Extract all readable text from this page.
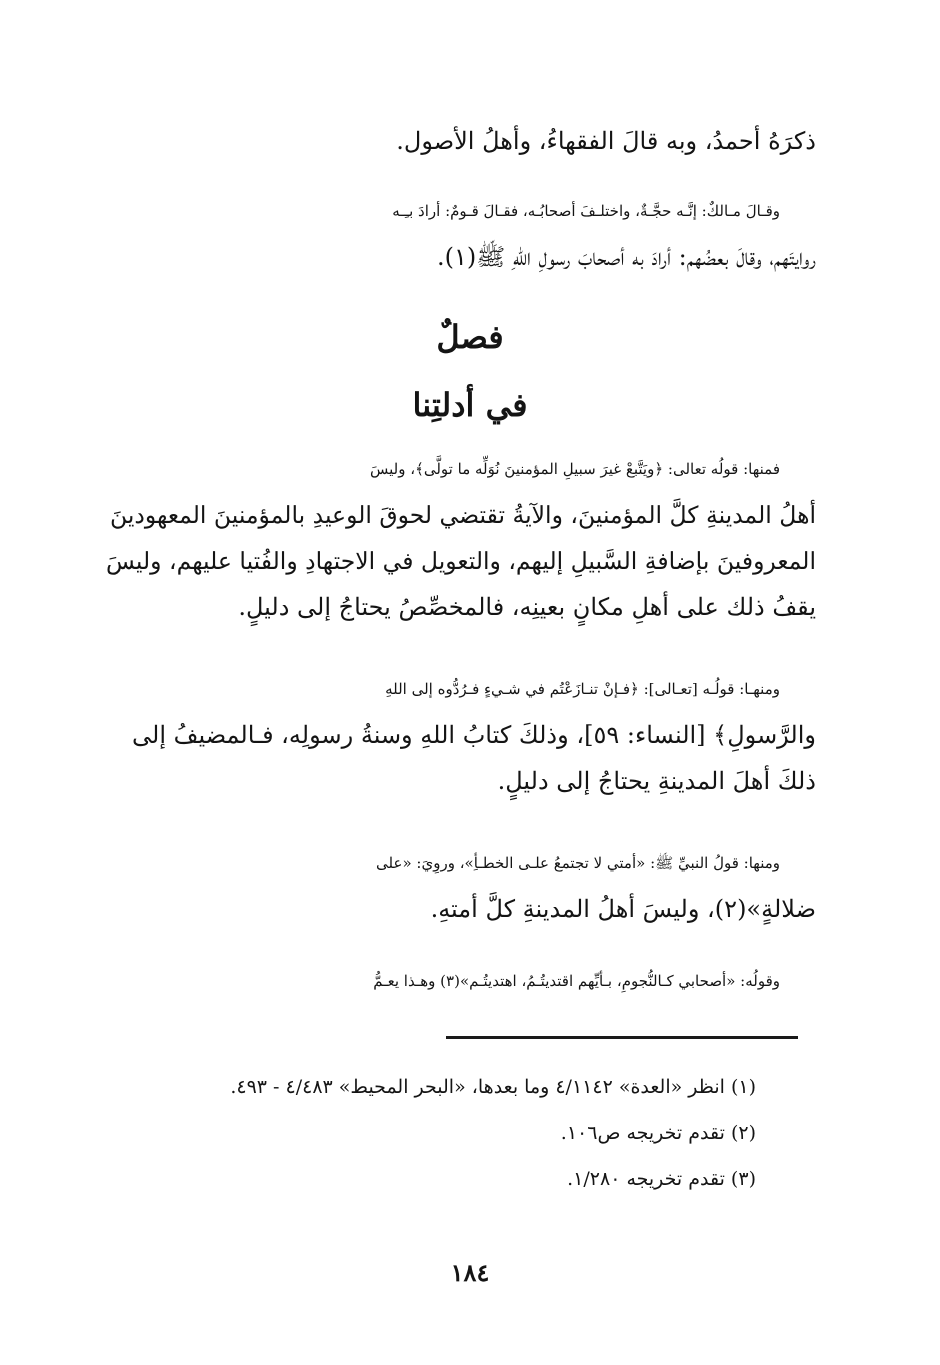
ذكرَهُ أحمدُ، وبه قالَ الفقهاءُ، وأهلُ الأصول.
وقـالَ مـالكٌ: إنَّـه حجَّـةٌ، واختلـفَ أصحابُـه، فقـالَ قـومٌ: أرادَ بـِـه
روايتَهم، وقالَ بعضُهم: أرادَ به أصحابَ رسولِ اللهِ ﷺ(١).
فصلٌ
في أدلتِنا
فمنها: قولُه تعالى: ﴿ويَتَّبعْ غيرَ سبيلِ المؤمنينَ نُوَلِّه ما تولَّى﴾، وليسَ
أهلُ المدينةِ كلَّ المؤمنينَ، والآيةُ تقتضي لحوقَ الوعيدِ بالمؤمنينَ المعهودينَ
المعروفينَ بإضافةِ السَّبيلِ إليهم، والتعويل في الاجتهادِ والفُتيا عليهم، وليسَ
يقفُ ذلك على أهلِ مكانٍ بعينِه، فالمخصِّصُ يحتاجُ إلى دليلٍ.
ومنهـا: قولُـه [تعـالى]: ﴿فـإنْ تنـازَعْتُم في شـيءٍ فـرُدُّوه إلى اللهِ
والرَّسولِ﴾ [النساء: ٥٩]، وذلكَ كتابُ اللهِ وسنةُ رسولِه، فـالمضيفُ إلى
ذلكَ أهلَ المدينةِ يحتاجُ إلى دليلٍ.
ومنها: قولُ النبيِّ ﷺ: «أمتي لا تجتمعُ علـى الخطـأِ»، وروِيَ: «على
ضلالةٍ»(٢)، وليسَ أهلُ المدينةِ كلَّ أمتهِ.
وقولُه: «أصحابي كـالنُّجومِ، بـأيِّهم اقتديتُـمُ، اهتديتُـم»(٣) وهـذا يعـمُّ
(١) انظر «العدة» ٤/١١٤٢ وما بعدها، «البحر المحيط» ٤/٤٨٣ - ٤٩٣.
(٢) تقدم تخريجه ص١٠٦.
(٣) تقدم تخريجه ١/٢٨٠.
١٨٤
